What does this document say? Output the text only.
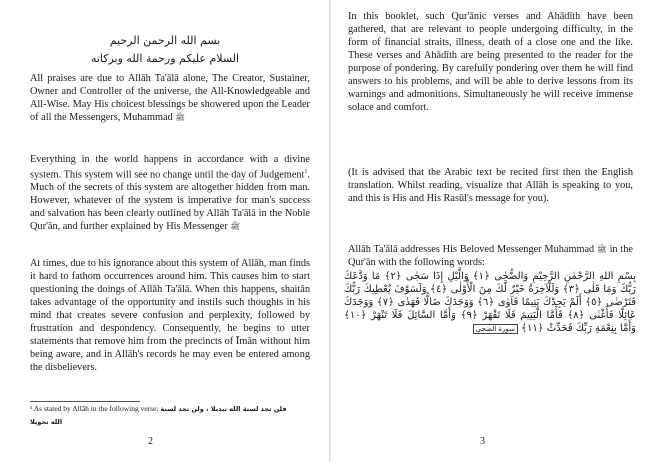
بسم الله الرحمن الرحيم
السلام عليكم ورحمة الله وبركاته

All praises are due to Allāh Ta'ālā alone, The Creator, Sustainer, Owner and Controller of the universe, the All-Knowledgeable and All-Wise. May His choicest blessings be showered upon the Leader of all the Messengers, Muhammad ﷺ

Everything in the world happens in accordance with a divine system. This system will see no change until the day of Judgement$^1$. Much of the secrets of this system are altogether hidden from man. However, whatever of the system is imperative for man's success and salvation has been clearly outlined by Allāh Ta'ālā in the Noble Qur'ān, and further explained by His Messenger ﷺ

At times, due to his ignorance about this system of Allāh, man finds it hard to fathom occurrences around him. This causes him to start questioning the doings of Allāh Ta'ālā. When this happens, shaitān takes advantage of the opportunity and instils such thoughts in his mind that creates severe confusion and perplexity, followed by frustration and despondency. Consequently, he begins to utter statements that remove him from the precincts of Īmān without him being aware, and in Allāh's records he may even be entered among the disbelievers.

¹ As stated by Allāh in the following verse: فلن تجد لسنة الله تبديلا ، ولن تجد لسنة
الله تحويلا
2

In this booklet, such Qur'ānic verses and Ahādīth have been gathered, that are relevant to people undergoing difficulty, in the form of financial straits, illness, death of a close one and the like. These verses and Ahādīth are being presented to the reader for the purpose of pondering. By carefully pondering over them he will find answers to his problems, and will be able to derive lessons from its warnings and admonitions. Simultaneously he will receive immense solace and comfort.

(It is advised that the Arabic text be recited first then the English translation. Whilst reading, visualize that Allāh is speaking to you, and this is His and His Rasūl's message for you).

Allāh Ta'ālā addresses His Beloved Messenger Muhammad ﷺ in the Qur'ān with the following words:

بِسْمِ اللهِ الرَّحْمٰنِ الرَّحِيْمِ وَالضُّحٰى ﴿١﴾ وَالَّيْلِ إِذَا سَجٰى ﴿٢﴾ مَا وَدَّعَكَ رَبُّكَ وَمَا قَلٰى ﴿٣﴾ وَلَلْآخِرَةُ خَيْرٌ لَّكَ مِنَ الْأُوْلٰى ﴿٤﴾ وَلَسَوْفَ يُعْطِيكَ رَبُّكَ فَتَرْضٰى ﴿٥﴾ أَلَمْ يَجِدْكَ يَتِيمًا فَآوٰى ﴿٦﴾ وَوَجَدَكَ ضَالًّا فَهَدٰى ﴿٧﴾ وَوَجَدَكَ عَائِلًا فَأَغْنٰى ﴿٨﴾ فَأَمَّا الْيَتِيمَ فَلَا تَقْهَرْ ﴿٩﴾ وَأَمَّا السَّائِلَ فَلَا تَنْهَرْ ﴿١٠﴾ وَأَمَّا بِنِعْمَةِ رَبِّكَ فَحَدِّثْ ﴿١١﴾ سورة الضحى

3
